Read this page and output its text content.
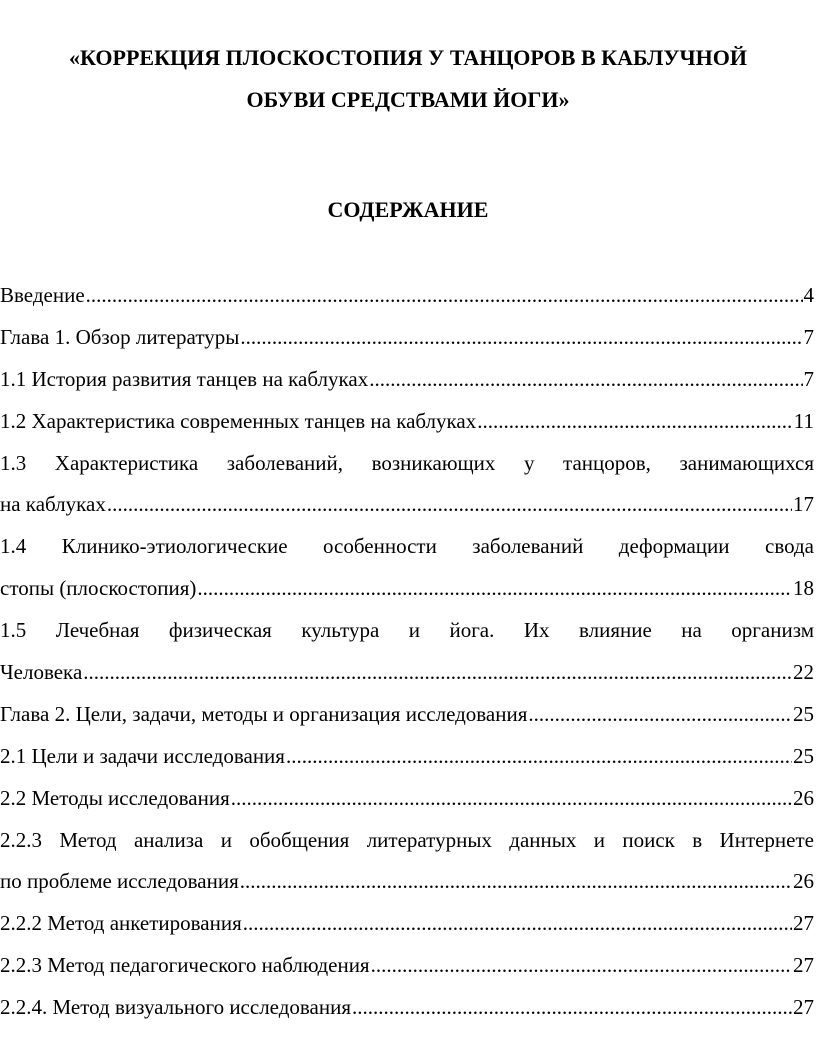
«КОРРЕКЦИЯ ПЛОСКОСТОПИЯ У ТАНЦОРОВ В КАБЛУЧНОЙ
ОБУВИ СРЕДСТВАМИ ЙОГИ»
СОДЕРЖАНИЕ
Введение .....	4
Глава 1. Обзор литературы .....	7
1.1 История развития танцев на каблуках .....	7
1.2 Характеристика современных танцев на каблуках .....	11
1.3 Характеристика заболеваний, возникающих у танцоров, занимающихся
на каблуках .....	17
1.4 Клинико-этиологические особенности заболеваний деформации свода
стопы (плоскостопия) .....	18
1.5 Лечебная физическая культура и йога. Их влияние на организм
Человека .....	22
Глава 2. Цели, задачи, методы и организация исследования .....	25
2.1 Цели и задачи исследования .....	25
2.2 Методы исследования .....	26
2.2.3 Метод анализа и обобщения литературных данных и поиск в Интернете
по проблеме исследования .....	26
2.2.2 Метод анкетирования .....	27
2.2.3 Метод педагогического наблюдения .....	27
2.2.4. Метод визуального исследования .....	27
